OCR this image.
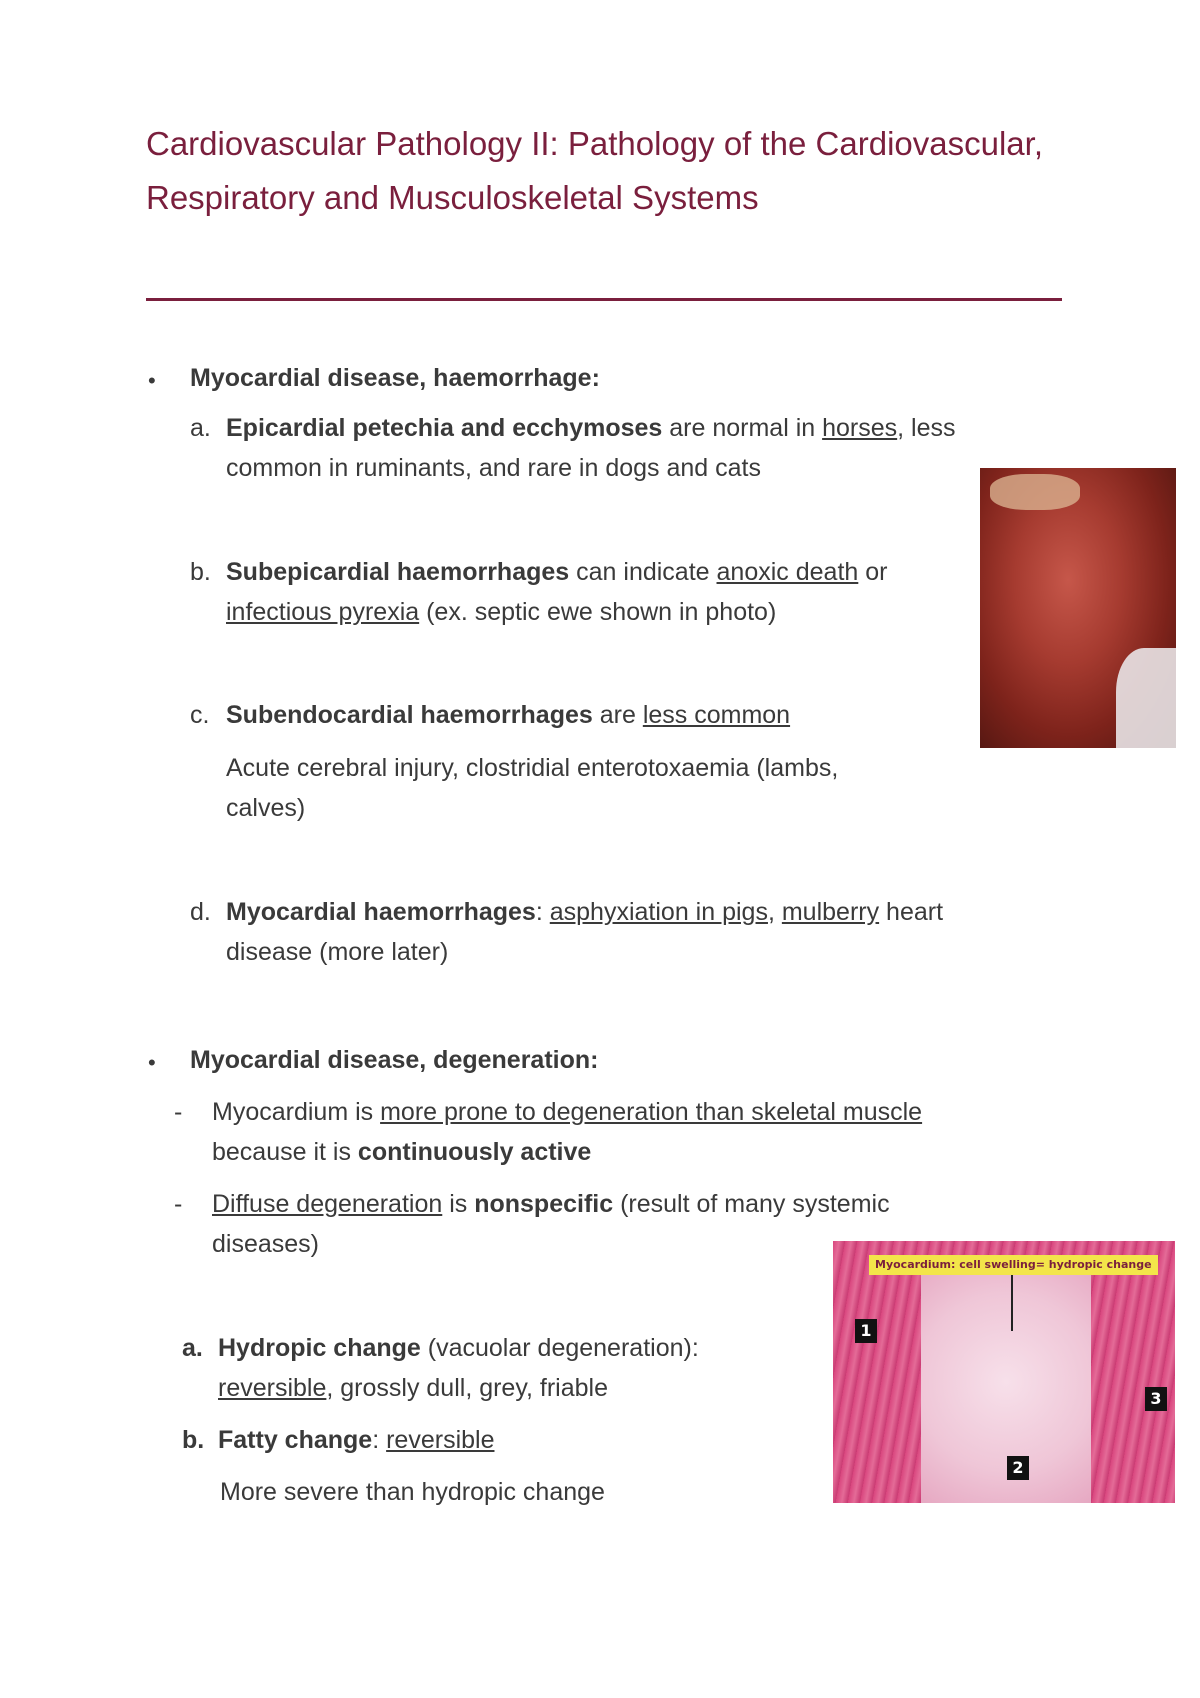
Cardiovascular Pathology II: Pathology of the Cardiovascular, Respiratory and Musculoskeletal Systems
• Myocardial disease, haemorrhage:
a. Epicardial petechia and ecchymoses are normal in horses, less
common in ruminants, and rare in dogs and cats
b. Subepicardial haemorrhages can indicate anoxic death or
infectious pyrexia (ex. septic ewe shown in photo)
c. Subendocardial haemorrhages are less common
Acute cerebral injury, clostridial enterotoxaemia (lambs,
calves)
d. Myocardial haemorrhages: asphyxiation in pigs, mulberry heart
disease (more later)
• Myocardial disease, degeneration:
- Myocardium is more prone to degeneration than skeletal muscle
because it is continuously active
- Diffuse degeneration is nonspecific (result of many systemic
diseases)
a. Hydropic change (vacuolar degeneration):
reversible, grossly dull, grey, friable
b. Fatty change: reversible
More severe than hydropic change
Myocardium: cell swelling= hydropic change
1
2
3
